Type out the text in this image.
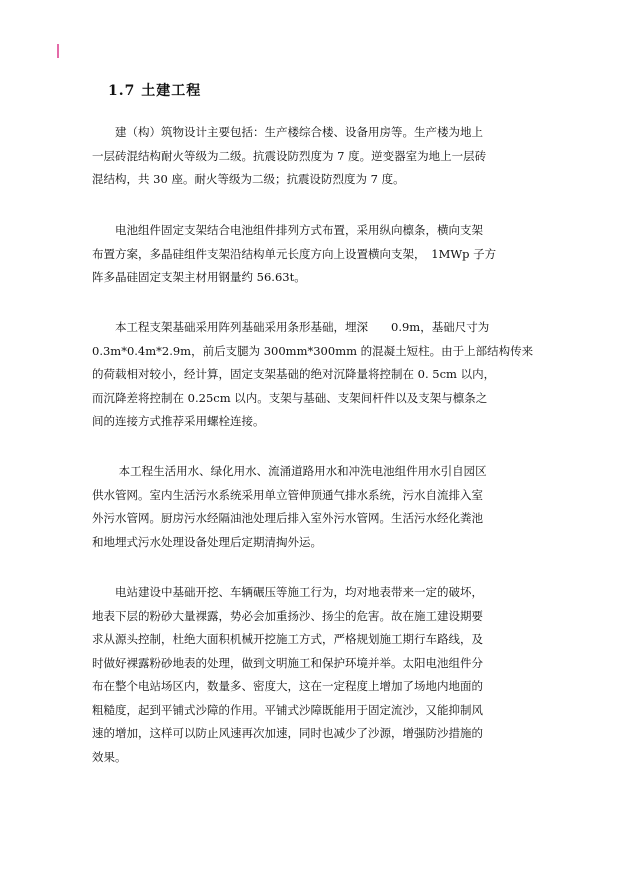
1.7 土建工程

　　建（构）筑物设计主要包括：生产楼综合楼、设备用房等。生产楼为地上
一层砖混结构耐火等级为二级。抗震设防烈度为 7 度。逆变器室为地上一层砖
混结构，共 30 座。耐火等级为二级；抗震设防烈度为 7 度。

　　电池组件固定支架结合电池组件排列方式布置，采用纵向檩条，横向支架
布置方案，多晶硅组件支架沿结构单元长度方向上设置横向支架，　1MWp 子方
阵多晶硅固定支架主材用钢量约 56.63t。

　　本工程支架基础采用阵列基础采用条形基础，埋深　　0.9m，基础尺寸为
0.3m*0.4m*2.9m，前后支腿为 300mm*300mm 的混凝土短柱。由于上部结构传来
的荷载相对较小，经计算，固定支架基础的绝对沉降量将控制在 0. 5cm 以内，
而沉降差将控制在 0.25cm 以内。支架与基础、支架间杆件以及支架与檩条之
间的连接方式推荐采用螺栓连接。

　　 本工程生活用水、绿化用水、流涌道路用水和冲洗电池组件用水引自园区
供水管网。室内生活污水系统采用单立管伸顶通气排水系统，污水自流排入室
外污水管网。厨房污水经隔油池处理后排入室外污水管网。生活污水经化粪池
和地埋式污水处理设备处理后定期清掏外运。

　　电站建设中基础开挖、车辆碾压等施工行为，均对地表带来一定的破坏，
地表下层的粉砂大量裸露，势必会加重扬沙、扬尘的危害。故在施工建设期要
求从源头控制，杜绝大面积机械开挖施工方式，严格规划施工期行车路线，及
时做好裸露粉砂地表的处理，做到文明施工和保护环境并举。太阳电池组件分
布在整个电站场区内，数量多、密度大，这在一定程度上增加了场地内地面的
粗糙度，起到平铺式沙障的作用。平铺式沙障既能用于固定流沙，又能抑制风
速的增加，这样可以防止风速再次加速，同时也减少了沙源，增强防沙措施的
效果。
